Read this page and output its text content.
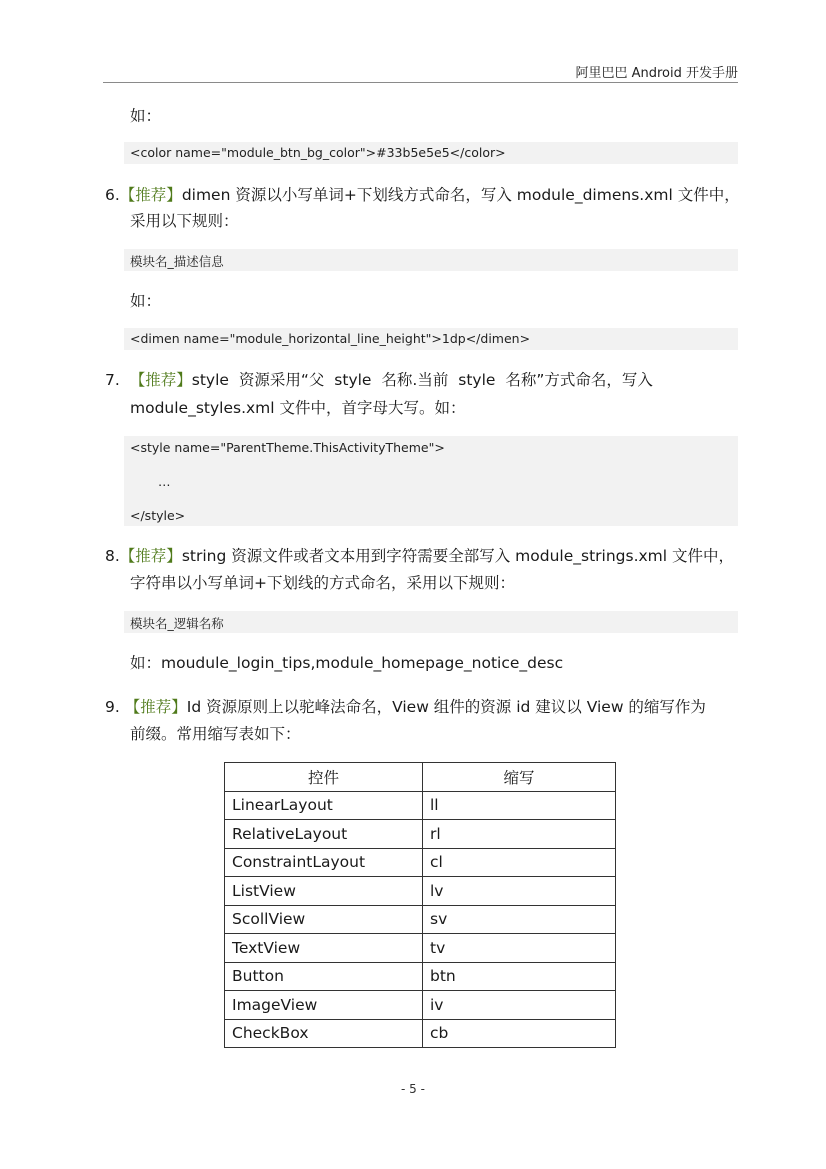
阿里巴巴 Android 开发手册
如：
<color name="module_btn_bg_color">#33b5e5e5</color>
6.【推荐】dimen 资源以小写单词+下划线方式命名，写入 module_dimens.xml 文件中，
采用以下规则：
模块名_描述信息
如：
<dimen name="module_horizontal_line_height">1dp</dimen>
7. 【推荐】style 资源采用“父 style 名称.当前 style 名称”方式命名，写入
module_styles.xml 文件中，首字母大写。如：
<style name="ParentTheme.ThisActivityTheme">
…
</style>
8.【推荐】string 资源文件或者文本用到字符需要全部写入 module_strings.xml 文件中，
字符串以小写单词+下划线的方式命名，采用以下规则：
模块名_逻辑名称
如：moudule_login_tips,module_homepage_notice_desc
9. 【推荐】Id 资源原则上以驼峰法命名，View 组件的资源 id 建议以 View 的缩写作为
前缀。常用缩写表如下：
控件	缩写
LinearLayout	ll
RelativeLayout	rl
ConstraintLayout	cl
ListView	lv
ScollView	sv
TextView	tv
Button	btn
ImageView	iv
CheckBox	cb
- 5 -
